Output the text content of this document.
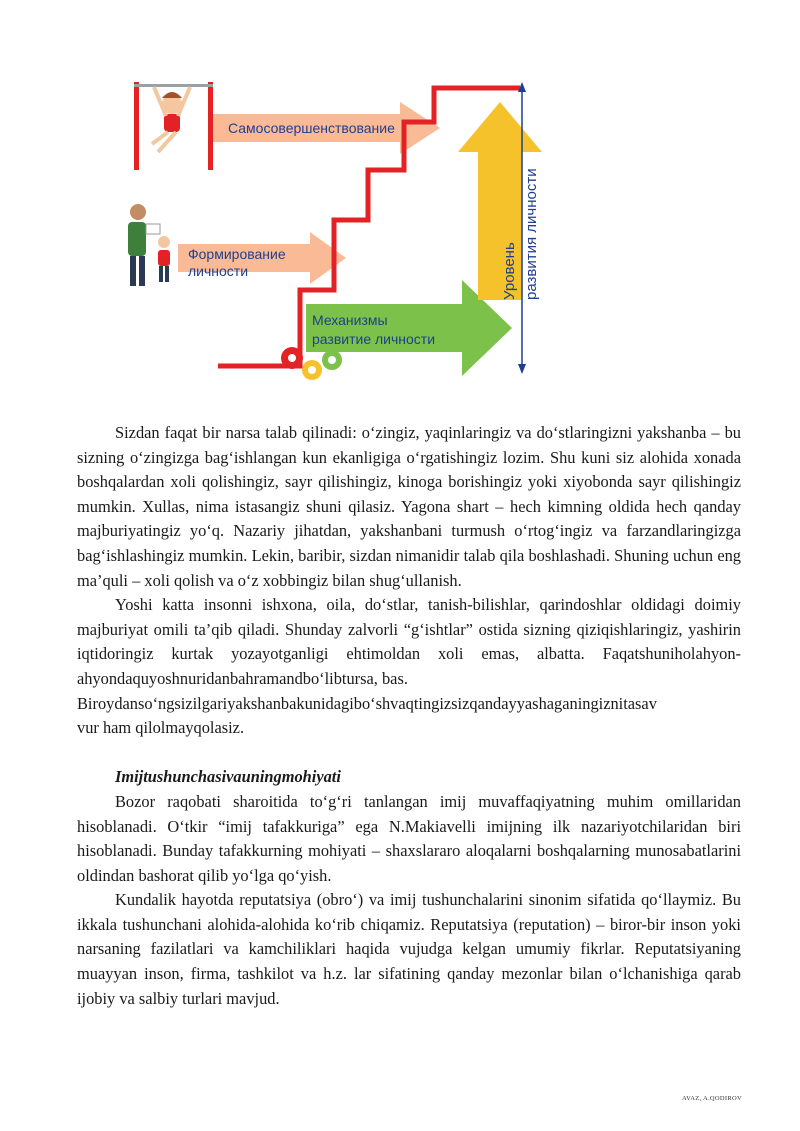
Самосовершенствование
Формирование
личности
Механизмы
развитие личности
Уровень развития личности

Sizdan faqat bir narsa talab qilinadi: o‘zingiz, yaqinlaringiz va do‘stlaringizni yakshanba – bu sizning o‘zingizga bag‘ishlangan kun ekanligiga o‘rgatishingiz lozim. Shu kuni siz alohida xonada boshqalardan xoli qolishingiz, sayr qilishingiz, kinoga borishingiz yoki xiyobonda sayr qilishingiz mumkin. Xullas, nima istasangiz shuni qilasiz. Yagona shart – hech kimning oldida hech qanday majburiyatingiz yo‘q. Nazariy jihatdan, yakshanbani turmush o‘rtog‘ingiz va farzandlaringizga bag‘ishlashingiz mumkin. Lekin, baribir, sizdan nimanidir talab qila boshlashadi. Shuning uchun eng ma’quli – xoli qolish va o‘z xobbingiz bilan shug‘ullanish.

Yoshi katta insonni ishxona, oila, do‘stlar, tanish-bilishlar, qarindoshlar oldidagi doimiy majburiyat omili ta’qib qiladi. Shunday zalvorli “g‘ishtlar” ostida sizning qiziqishlaringiz, yashirin iqtidoringiz kurtak yozayotganligi ehtimoldan xoli emas, albatta. Faqatshuniholahyon-ahyondaquyoshnuridanbahramandbo‘libtursa, bas.

Biroydanso‘ngsizilgariyakshanbakunidagibo‘shvaqtingizsizqandayyashaganingiznitasav

vur ham qilolmayqolasiz.

Imijtushunchasivauningmohiyati

Bozor raqobati sharoitida to‘g‘ri tanlangan imij muvaffaqiyatning muhim omillaridan hisoblanadi. O‘tkir “imij tafakkuriga” ega N.Makiavelli imijning ilk nazariyotchilaridan biri hisoblanadi. Bunday tafakkurning mohiyati – shaxslararo aloqalarni boshqalarning munosabatlarini oldindan bashorat qilib yo‘lga qo‘yish.

Kundalik hayotda reputatsiya (obro‘) va imij tushunchalarini sinonim sifatida qo‘llaymiz. Bu ikkala tushunchani alohida-alohida ko‘rib chiqamiz. Reputatsiya (reputation) – biror-bir inson yoki narsaning fazilatlari va kamchiliklari haqida vujudga kelgan umumiy fikrlar. Reputatsiyaning muayyan inson, firma, tashkilot va h.z. lar sifatining qanday mezonlar bilan o‘lchanishiga qarab ijobiy va salbiy turlari mavjud.

AVAZ, A.QODIROV
